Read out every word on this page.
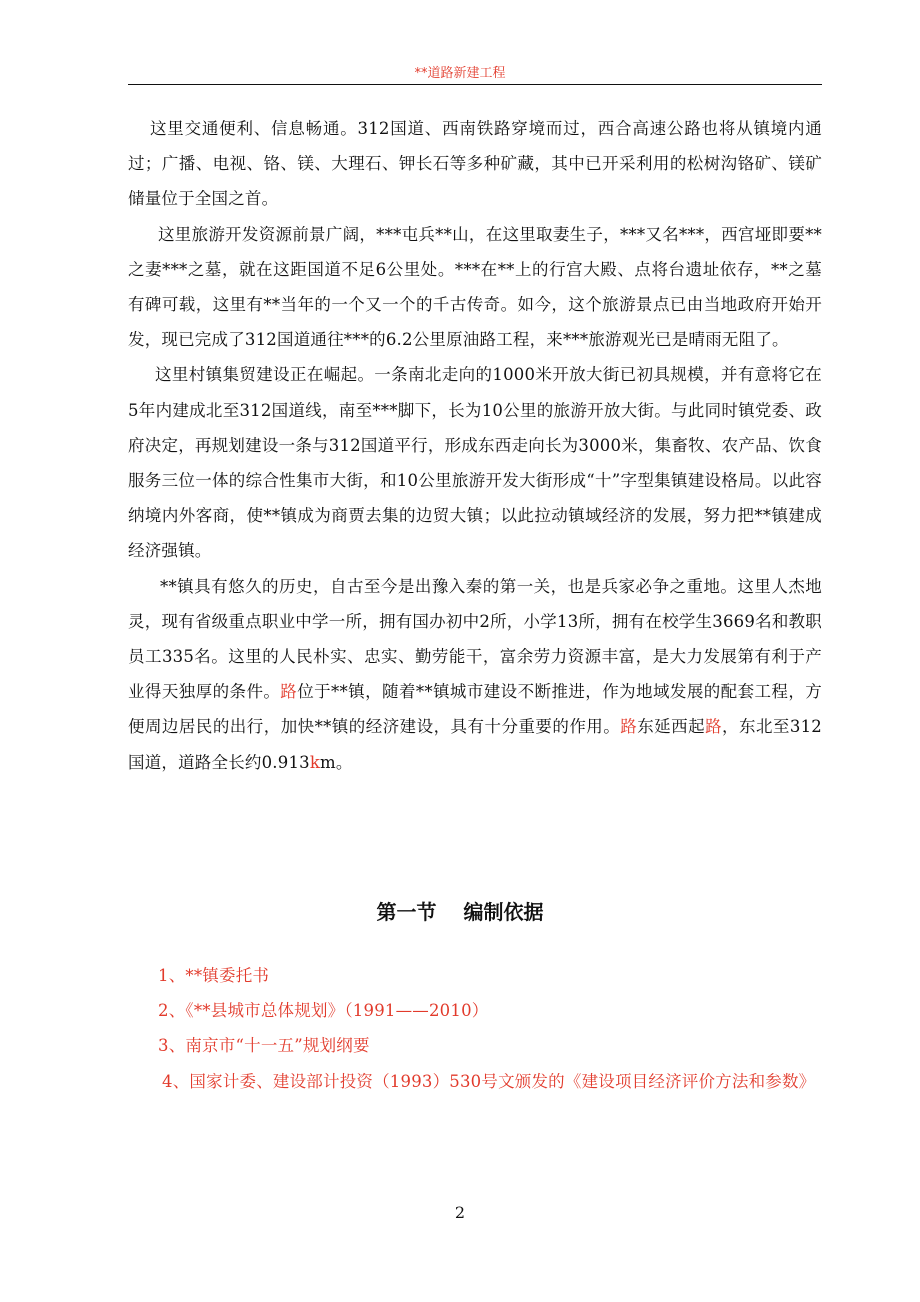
**道路新建工程

这里交通便利、信息畅通。312国道、西南铁路穿境而过，西合高速公路也将从镇境内通过；广播、电视、铬、镁、大理石、钾长石等多种矿藏，其中已开采利用的松树沟铬矿、镁矿储量位于全国之首。

这里旅游开发资源前景广阔，***屯兵**山，在这里取妻生子，***又名***，西宫垭即要**之妻***之墓，就在这距国道不足6公里处。***在**上的行宫大殿、点将台遗址依存，**之墓有碑可载，这里有**当年的一个又一个的千古传奇。如今，这个旅游景点已由当地政府开始开发，现已完成了312国道通往***的6.2公里原油路工程，来***旅游观光已是晴雨无阻了。

这里村镇集贸建设正在崛起。一条南北走向的1000米开放大街已初具规模，并有意将它在5年内建成北至312国道线，南至***脚下，长为10公里的旅游开放大街。与此同时镇党委、政府决定，再规划建设一条与312国道平行，形成东西走向长为3000米，集畜牧、农产品、饮食服务三位一体的综合性集市大街，和10公里旅游开发大街形成“十”字型集镇建设格局。以此容纳境内外客商，使**镇成为商贾去集的边贸大镇；以此拉动镇域经济的发展，努力把**镇建成经济强镇。

**镇具有悠久的历史，自古至今是出豫入秦的第一关，也是兵家必争之重地。这里人杰地灵，现有省级重点职业中学一所，拥有国办初中2所，小学13所，拥有在校学生3669名和教职员工335名。这里的人民朴实、忠实、勤劳能干，富余劳力资源丰富，是大力发展第有利于产业得天独厚的条件。路位于**镇，随着**镇城市建设不断推进，作为地域发展的配套工程，方便周边居民的出行，加快**镇的经济建设，具有十分重要的作用。路东延西起路，东北至312国道，道路全长约0.913km。

第一节　 编制依据
1、**镇委托书
2、《**县城市总体规划》（1991——2010）
3、南京市“十一五”规划纲要
4、国家计委、建设部计投资（1993）530号文颁发的《建设项目经济评价方法和参数》
2
